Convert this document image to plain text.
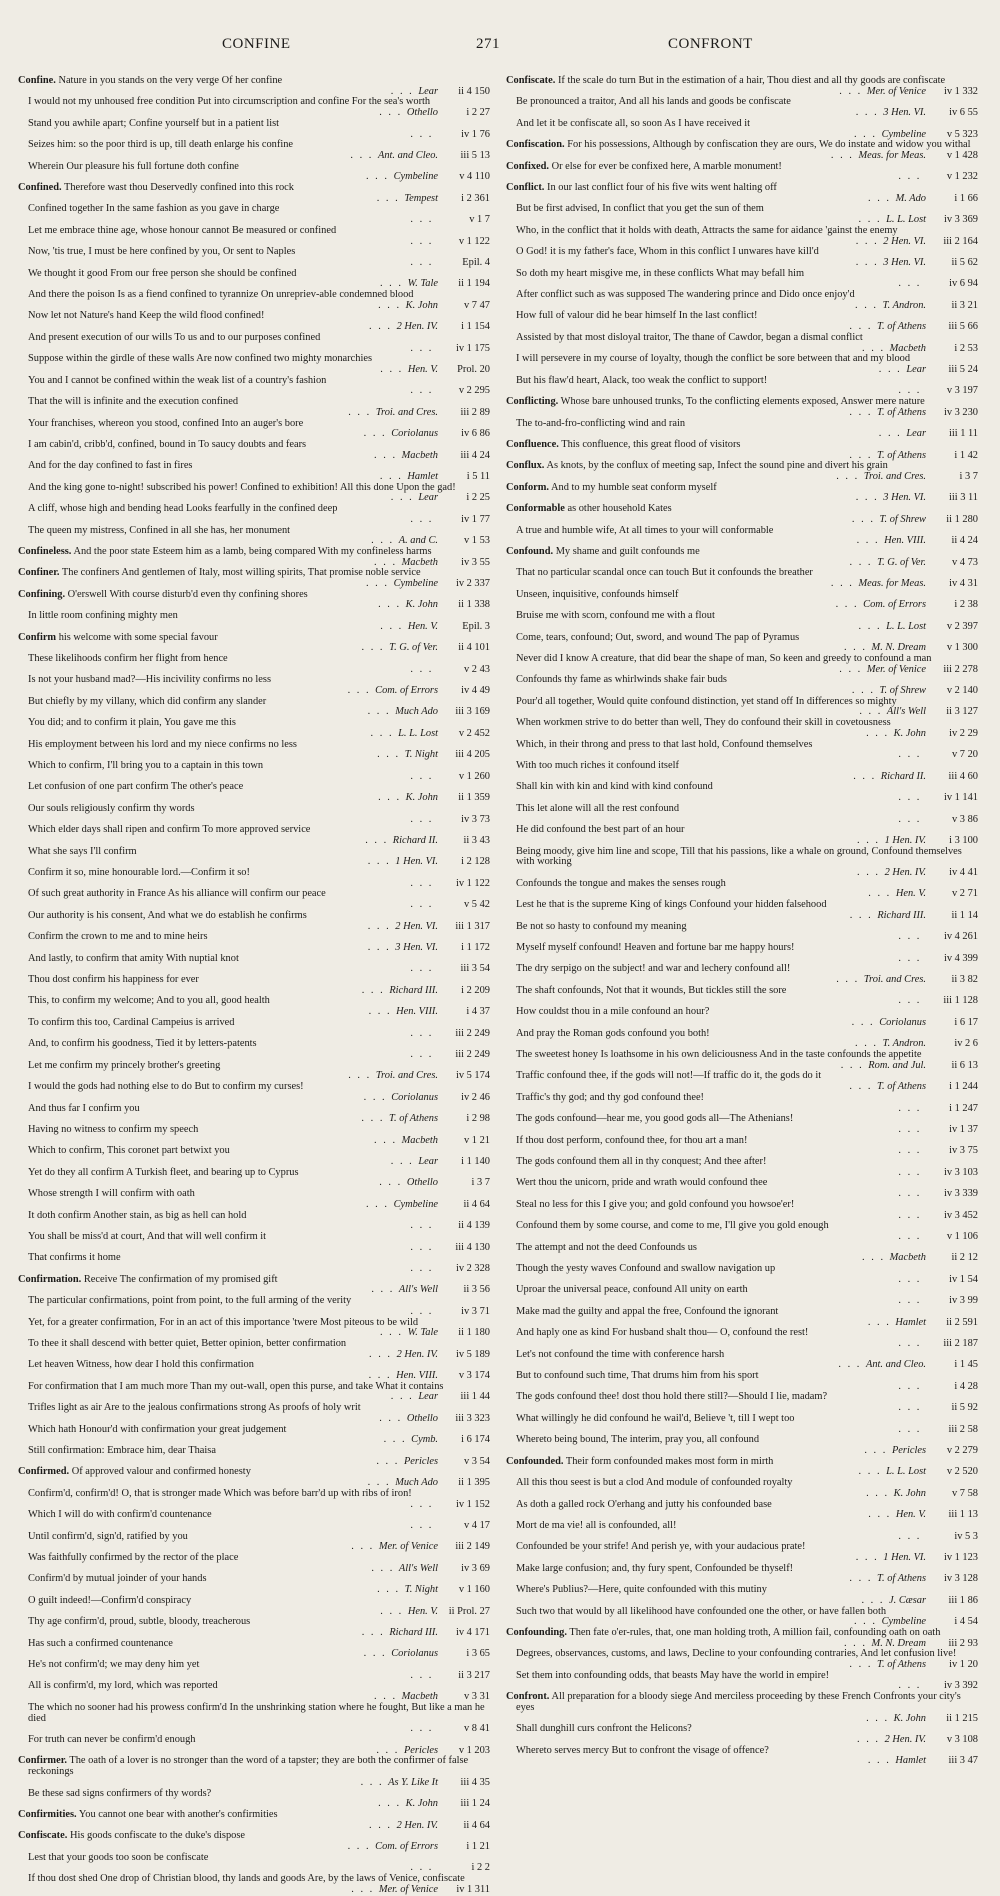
CONFINE	271	CONFRONT

Confine. Nature in you stands on the very verge Of her confine
. . . Lear ii 4 150

I would not my unhoused free condition Put into circumscription and confine For the sea's worth
. . . Othello	i 2 27

Stand you awhile apart; Confine yourself but in a patient list
. . . iv 1 76

Seizes him: so the poor third is up, till death enlarge his confine
. . . Ant. and Cleo. iii 5 13

Wherein Our pleasure his full fortune doth confine
. . . Cymbeline v 4 110

Confined. Therefore wast thou Deservedly confined into this rock
. . . Tempest i 2 361

Confined together In the same fashion as you gave in charge
. . .	v 1 7

Let me embrace thine age, whose honour cannot Be measured or confined
. . . v 1 122

Now, 'tis true, I must be here confined by you, Or sent to Naples
. . . Epil. 4

We thought it good From our free person she should be confined
. . . W. Tale ii 1 194

And there the poison Is as a fiend confined to tyrannize On unrepriev-able condemned blood
. . . K. John	v 7 47

Now let not Nature's hand Keep the wild flood confined!
. . . 2 Hen. IV. i 1 154

And present execution of our wills To us and to our purposes confined
. . . iv 1 175

Suppose within the girdle of these walls Are now confined two mighty monarchies
. . . Hen. V. Prol. 20

You and I cannot be confined within the weak list of a country's fashion
. . . v 2 295

That the will is infinite and the execution confined
. . . Troi. and Cres. iii 2 89

Your franchises, whereon you stood, confined Into an auger's bore
. . . Coriolanus iv 6 86

I am cabin'd, cribb'd, confined, bound in To saucy doubts and fears
. . . Macbeth iii 4 24

And for the day confined to fast in fires
. . . Hamlet	i 5 11

And the king gone to-night! subscribed his power! Confined to exhibition! All this done Upon the gad!
. . . Lear	i 2 25

A cliff, whose high and bending head Looks fearfully in the confined deep
. . . iv 1 77

The queen my mistress, Confined in all she has, her monument
. . . A. and C.	v 1 53

Confineless. And the poor state Esteem him as a lamb, being compared With my confineless harms
. . . Macbeth iv 3 55

Confiner. The confiners And gentlemen of Italy, most willing spirits, That promise noble service
. . . Cymbeline iv 2 337

Confining. O'erswell With course disturb'd even thy confining shores
. . . K. John ii 1 338

In little room confining mighty men
. . . Hen. V. Epil. 3

Confirm his welcome with some special favour
. . . T. G. of Ver. ii 4 101

These likelihoods confirm her flight from hence
. . .	v 2 43

Is not your husband mad?—His incivility confirms no less
. . . Com. of Errors iv 4 49

But chiefly by my villany, which did confirm any slander
. . . Much Ado iii 3 169

You did; and to confirm it plain, You gave me this
. . . L. L. Lost v 2 452

His employment between his lord and my niece confirms no less
. . . T. Night iii 4 205

Which to confirm, I'll bring you to a captain in this town
. . . v 1 260

Let confusion of one part confirm The other's peace
. . . K. John ii 1 359

Our souls religiously confirm thy words
. . . iv 3 73

Which elder days shall ripen and confirm To more approved service
. . . Richard II. ii 3 43

What she says I'll confirm
. . . 1 Hen. VI. i 2 128

Confirm it so, mine honourable lord.—Confirm it so!
. . . iv 1 122

Of such great authority in France As his alliance will confirm our peace
. . .	v 5 42

Our authority is his consent, And what we do establish he confirms
. . . 2 Hen. VI. iii 1 317

Confirm the crown to me and to mine heirs
. . . 3 Hen. VI. i 1 172

And lastly, to confirm that amity With nuptial knot
. . . iii 3 54

Thou dost confirm his happiness for ever
. . . Richard III. i 2 209

This, to confirm my welcome; And to you all, good health
. . . Hen. VIII.	i 4 37

To confirm this too, Cardinal Campeius is arrived
. . . iii 2 249

And, to confirm his goodness, Tied it by letters-patents
. . . iii 2 249

Let me confirm my princely brother's greeting
. . . Troi. and Cres. iv 5 174

I would the gods had nothing else to do But to confirm my curses!
. . . Coriolanus iv 2 46

And thus far I confirm you
. . . T. of Athens	i 2 98

Having no witness to confirm my speech
. . . Macbeth	v 1 21

Which to confirm, This coronet part betwixt you
. . . Lear i 1 140

Yet do they all confirm A Turkish fleet, and bearing up to Cyprus
. . . Othello	i 3 7

Whose strength I will confirm with oath
. . . Cymbeline ii 4 64

It doth confirm Another stain, as big as hell can hold
. . . ii 4 139

You shall be miss'd at court, And that will well confirm it
. . . iii 4 130

That confirms it home
. . . iv 2 328

Confirmation. Receive The confirmation of my promised gift
. . . All's Well ii 3 56

The particular confirmations, point from point, to the full arming of the verity
. . . iv 3 71

Yet, for a greater confirmation, For in an act of this importance 'twere Most piteous to be wild
. . . W. Tale ii 1 180

To thee it shall descend with better quiet, Better opinion, better confirmation
. . . 2 Hen. IV. iv 5 189

Let heaven Witness, how dear I hold this confirmation
. . . Hen. VIII. v 3 174

For confirmation that I am much more Than my out-wall, open this purse, and take What it contains
. . . Lear iii 1 44

Trifles light as air Are to the jealous confirmations strong As proofs of holy writ
. . . Othello iii 3 323

Which hath Honour'd with confirmation your great judgement
. . . Cymb. i 6 174

Still confirmation: Embrace him, dear Thaisa
. . . Pericles	v 3 54

Confirmed. Of approved valour and confirmed honesty
. . . Much Ado ii 1 395

Confirm'd, confirm'd! O, that is stronger made Which was before barr'd up with ribs of iron!
. . . iv 1 152

Which I will do with confirm'd countenance
. . .	v 4 17

Until confirm'd, sign'd, ratified by you
. . . Mer. of Venice iii 2 149

Was faithfully confirmed by the rector of the place
. . . All's Well iv 3 69

Confirm'd by mutual joinder of your hands
. . . T. Night v 1 160

O guilt indeed!—Confirm'd conspiracy
. . . Hen. V. ii Prol. 27

Thy age confirm'd, proud, subtle, bloody, treacherous
. . . Richard III. iv 4 171

Has such a confirmed countenance
. . . Coriolanus	i 3 65

He's not confirm'd; we may deny him yet
. . . ii 3 217

All is confirm'd, my lord, which was reported
. . . Macbeth	v 3 31

The which no sooner had his prowess confirm'd In the unshrinking station where he fought, But like a man he died
. . .	v 8 41

For truth can never be confirm'd enough
. . . Pericles v 1 203

Confirmer. The oath of a lover is no stronger than the word of a tapster; they are both the confirmer of false reckonings
. . . As Y. Like It iii 4 35

Be these sad signs confirmers of thy words?
. . . K. John iii 1 24

Confirmities. You cannot one bear with another's confirmities
. . . 2 Hen. IV. ii 4 64

Confiscate. His goods confiscate to the duke's dispose
. . . Com. of Errors	i 1 21

Lest that your goods too soon be confiscate
. . .	i 2 2

If thou dost shed One drop of Christian blood, thy lands and goods Are, by the laws of Venice, confiscate
. . . Mer. of Venice iv 1 311

Confiscate. If the scale do turn But in the estimation of a hair, Thou diest and all thy goods are confiscate
. . . Mer. of Venice iv 1 332

Be pronounced a traitor, And all his lands and goods be confiscate
. . . 3 Hen. VI. iv 6 55

And let it be confiscate all, so soon As I have received it
. . . Cymbeline v 5 323

Confiscation. For his possessions, Although by confiscation they are ours, We do instate and widow you withal
. . . Meas. for Meas. v 1 428

Confixed. Or else for ever be confixed here, A marble monument!
. . . v 1 232

Conflict. In our last conflict four of his five wits went halting off
. . . M. Ado	i 1 66

But be first advised, In conflict that you get the sun of them
. . . L. L. Lost iv 3 369

Who, in the conflict that it holds with death, Attracts the same for aidance 'gainst the enemy
. . . 2 Hen. VI. iii 2 164

O God! it is my father's face, Whom in this conflict I unwares have kill'd
. . . 3 Hen. VI. ii 5 62

So doth my heart misgive me, in these conflicts What may befall him
. . . iv 6 94

After conflict such as was supposed The wandering prince and Dido once enjoy'd
. . . T. Andron. ii 3 21

How full of valour did he bear himself In the last conflict!
. . . T. of Athens iii 5 66

Assisted by that most disloyal traitor, The thane of Cawdor, began a dismal conflict
. . . Macbeth	i 2 53

I will persevere in my course of loyalty, though the conflict be sore between that and my blood
. . . Lear iii 5 24

But his flaw'd heart, Alack, too weak the conflict to support!
. . . v 3 197

Conflicting. Whose bare unhoused trunks, To the conflicting elements exposed, Answer mere nature
. . . T. of Athens iv 3 230

The to-and-fro-conflicting wind and rain
. . . Lear iii 1 11

Confluence. This confluence, this great flood of visitors
. . . T. of Athens	i 1 42

Conflux. As knots, by the conflux of meeting sap, Infect the sound pine and divert his grain
. . . Troi. and Cres.	i 3 7

Conform. And to my humble seat conform myself
. . . 3 Hen. VI. iii 3 11

Conformable as other household Kates
. . . T. of Shrew ii 1 280

A true and humble wife, At all times to your will conformable
. . . Hen. VIII. ii 4 24

Confound. My shame and guilt confounds me
. . . T. G. of Ver.	v 4 73

That no particular scandal once can touch But it confounds the breather
. . . Meas. for Meas. iv 4 31

Unseen, inquisitive, confounds himself
. . . Com. of Errors	i 2 38

Bruise me with scorn, confound me with a flout
. . . L. L. Lost v 2 397

Come, tears, confound; Out, sword, and wound The pap of Pyramus
. . . M. N. Dream v 1 300

Never did I know A creature, that did bear the shape of man, So keen and greedy to confound a man
. . . Mer. of Venice iii 2 278

Confounds thy fame as whirlwinds shake fair buds
. . . T. of Shrew v 2 140

Pour'd all together, Would quite confound distinction, yet stand off In differences so mighty
. . . All's Well ii 3 127

When workmen strive to do better than well, They do confound their skill in covetousness
. . . K. John iv 2 29

Which, in their throng and press to that last hold, Confound themselves
. . .	v 7 20

With too much riches it confound itself
. . . Richard II. iii 4 60

Shall kin with kin and kind with kind confound
. . . iv 1 141

This let alone will all the rest confound
. . .	v 3 86

He did confound the best part of an hour
. . . 1 Hen. IV. i 3 100

Being moody, give him line and scope, Till that his passions, like a whale on ground, Confound themselves with working
. . . 2 Hen. IV. iv 4 41

Confounds the tongue and makes the senses rough
. . . Hen. V.	v 2 71

Lest he that is the supreme King of kings Confound your hidden falsehood
. . . Richard III. ii 1 14

Be not so hasty to confound my meaning
. . . iv 4 261

Myself myself confound! Heaven and fortune bar me happy hours!
. . . iv 4 399

The dry serpigo on the subject! and war and lechery confound all!
. . . Troi. and Cres. ii 3 82

The shaft confounds, Not that it wounds, But tickles still the sore
. . . iii 1 128

How couldst thou in a mile confound an hour?
. . . Coriolanus	i 6 17

And pray the Roman gods confound you both!
. . . T. Andron.	iv 2 6

The sweetest honey Is loathsome in his own deliciousness And in the taste confounds the appetite
. . . Rom. and Jul. ii 6 13

Traffic confound thee, if the gods will not!—If traffic do it, the gods do it
. . . T. of Athens i 1 244

Traffic's thy god; and thy god confound thee!
. . . i 1 247

The gods confound—hear me, you good gods all—The Athenians!
. . . iv 1 37

If thou dost perform, confound thee, for thou art a man!
. . . iv 3 75

The gods confound them all in thy conquest; And thee after!
. . . iv 3 103

Wert thou the unicorn, pride and wrath would confound thee
. . . iv 3 339

Steal no less for this I give you; and gold confound you howsoe'er!
. . . iv 3 452

Confound them by some course, and come to me, I'll give you gold enough
. . . v 1 106

The attempt and not the deed Confounds us
. . . Macbeth ii 2 12

Though the yesty waves Confound and swallow navigation up
. . . iv 1 54

Uproar the universal peace, confound All unity on earth
. . . iv 3 99

Make mad the guilty and appal the free, Confound the ignorant
. . . Hamlet ii 2 591

And haply one as kind For husband shalt thou— O, confound the rest!
. . . iii 2 187

Let's not confound the time with conference harsh
. . . Ant. and Cleo.	i 1 45

But to confound such time, That drums him from his sport
. . .	i 4 28

The gods confound thee! dost thou hold there still?—Should I lie, madam?
. . . ii 5 92

What willingly he did confound he wail'd, Believe 't, till I wept too
. . . iii 2 58

Whereto being bound, The interim, pray you, all confound
. . . Pericles v 2 279

Confounded. Their form confounded makes most form in mirth
. . . L. L. Lost v 2 520

All this thou seest is but a clod And module of confounded royalty
. . . K. John	v 7 58

As doth a galled rock O'erhang and jutty his confounded base
. . . Hen. V. iii 1 13

Mort de ma vie! all is confounded, all!
. . .	iv 5 3

Confounded be your strife! And perish ye, with your audacious prate!
. . . 1 Hen. VI. iv 1 123

Make large confusion; and, thy fury spent, Confounded be thyself!
. . . T. of Athens iv 3 128

Where's Publius?—Here, quite confounded with this mutiny
. . . J. Cæsar iii 1 86

Such two that would by all likelihood have confounded one the other, or have fallen both
. . . Cymbeline	i 4 54

Confounding. Then fate o'er-rules, that, one man holding troth, A million fail, confounding oath on oath
. . . M. N. Dream iii 2 93

Degrees, observances, customs, and laws, Decline to your confounding contraries, And let confusion live!
. . . T. of Athens iv 1 20

Set them into confounding odds, that beasts May have the world in empire!
. . . iv 3 392

Confront. All preparation for a bloody siege And merciless proceeding by these French Confronts your city's eyes
. . . K. John ii 1 215

Shall dunghill curs confront the Helicons?
. . . 2 Hen. IV. v 3 108

Whereto serves mercy But to confront the visage of offence?
. . . Hamlet iii 3 47
